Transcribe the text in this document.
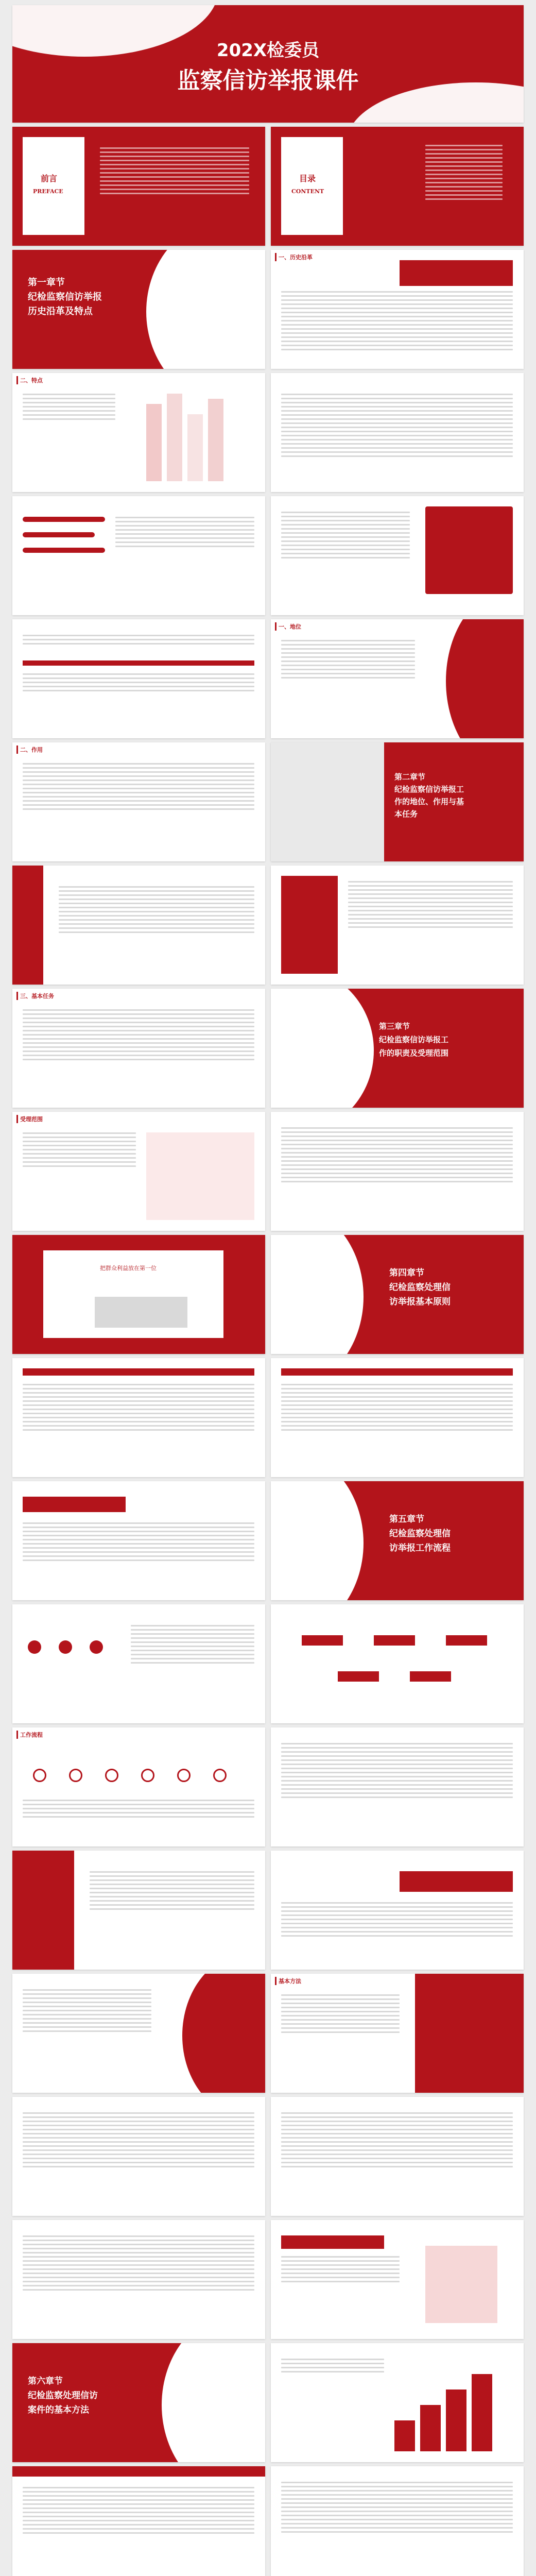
202X检委员
监察信访举报课件
前言
PREFACE
目录
CONTENT
第一章节
纪检监察信访举报
历史沿革及特点
一、历史沿革
二、特点
一、地位
二、作用
第二章节
纪检监察信访举报工
作的地位、作用与基
本任务
三、基本任务
第三章节
纪检监察信访举报工
作的职责及受理范围
受理范围
把群众利益放在第一位	第四章节
纪检监察处理信
访举报基本原则
第五章节
纪检监察处理信
访举报工作流程
工作流程
基本方法
第六章节
纪检监察处理信访
案件的基本方法
